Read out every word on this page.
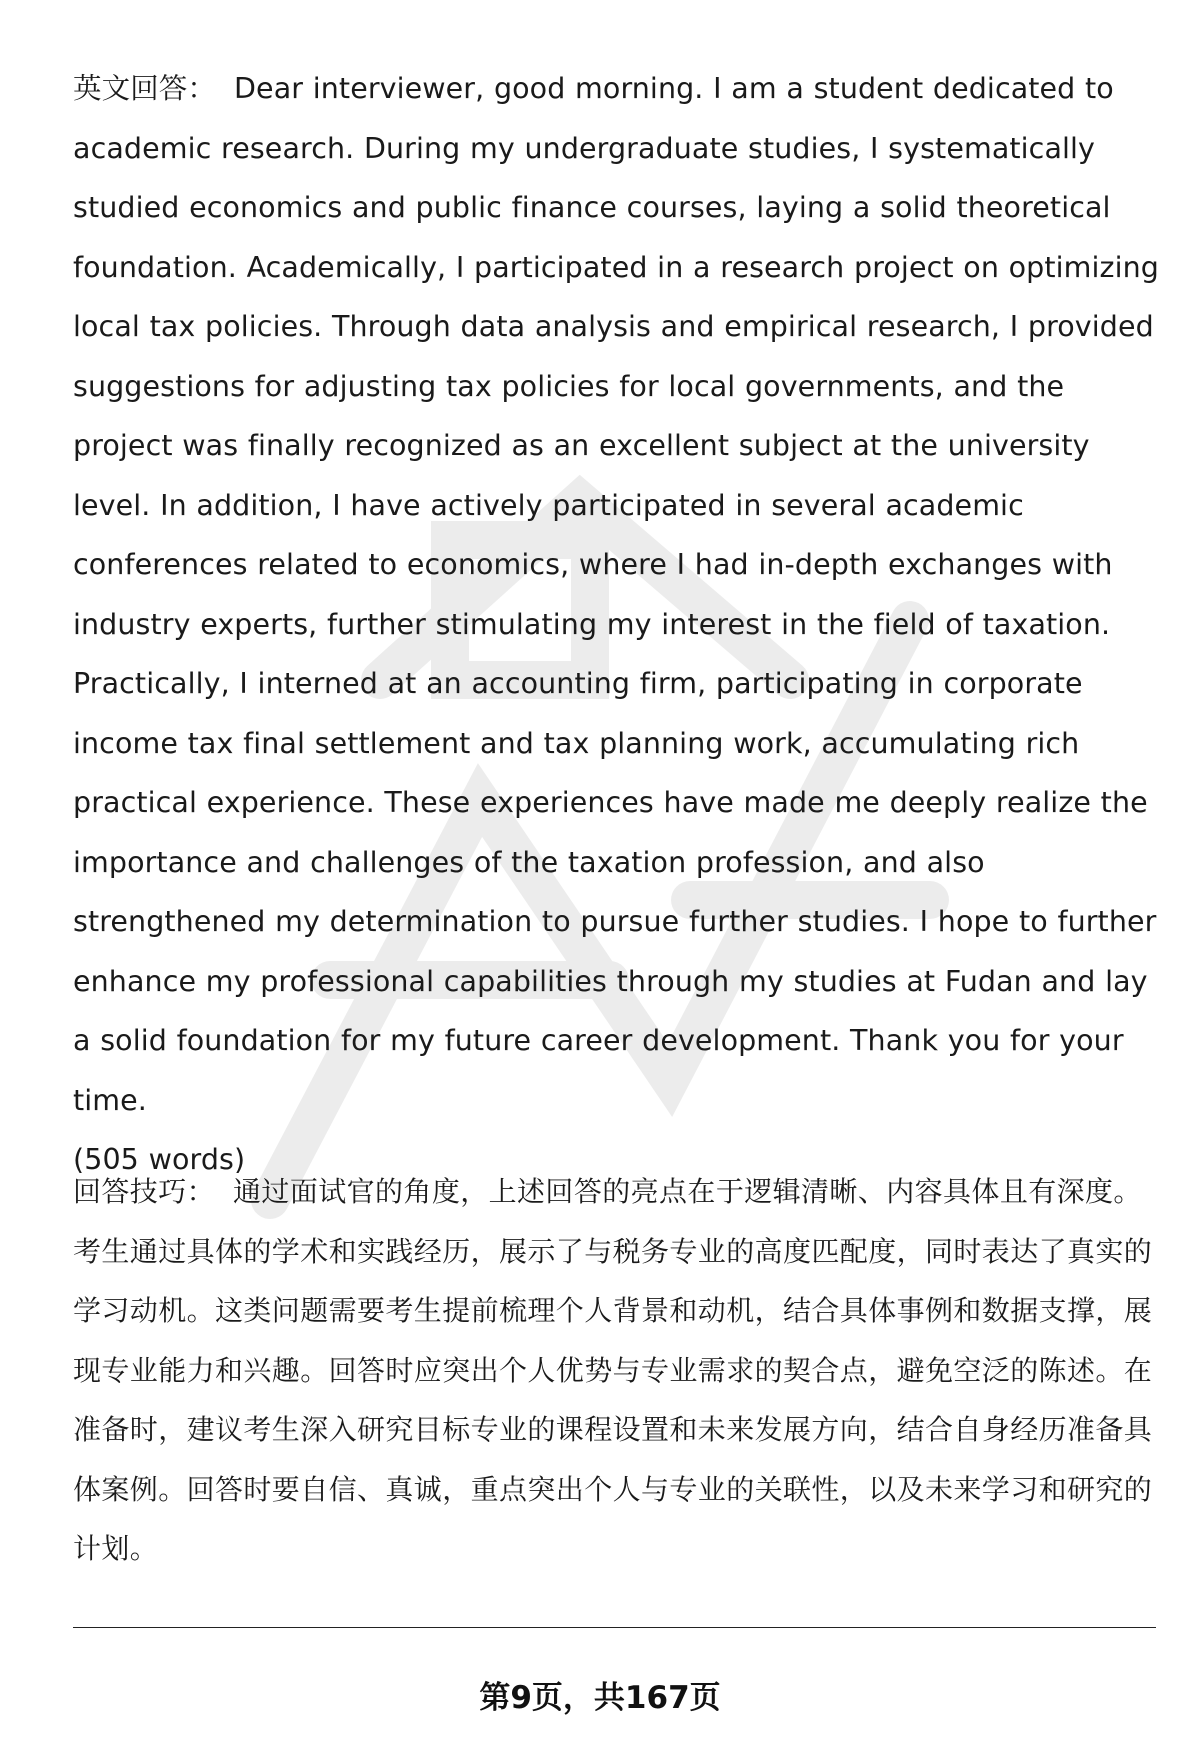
英文回答： Dear interviewer, good morning. I am a student dedicated to academic research. During my undergraduate studies, I systematically studied economics and public finance courses, laying a solid theoretical foundation. Academically, I participated in a research project on optimizing local tax policies. Through data analysis and empirical research, I provided suggestions for adjusting tax policies for local governments, and the project was finally recognized as an excellent subject at the university level. In addition, I have actively participated in several academic conferences related to economics, where I had in-depth exchanges with industry experts, further stimulating my interest in the field of taxation. Practically, I interned at an accounting firm, participating in corporate income tax final settlement and tax planning work, accumulating rich practical experience. These experiences have made me deeply realize the importance and challenges of the taxation profession, and also strengthened my determination to pursue further studies. I hope to further enhance my professional capabilities through my studies at Fudan and lay a solid foundation for my future career development. Thank you for your time.
(505 words)
回答技巧： 通过面试官的角度，上述回答的亮点在于逻辑清晰、内容具体且有深度。考生通过具体的学术和实践经历，展示了与税务专业的高度匹配度，同时表达了真实的学习动机。这类问题需要考生提前梳理个人背景和动机，结合具体事例和数据支撑，展现专业能力和兴趣。回答时应突出个人优势与专业需求的契合点，避免空泛的陈述。在准备时，建议考生深入研究目标专业的课程设置和未来发展方向，结合自身经历准备具体案例。回答时要自信、真诚，重点突出个人与专业的关联性，以及未来学习和研究的计划。
第9页，共167页
